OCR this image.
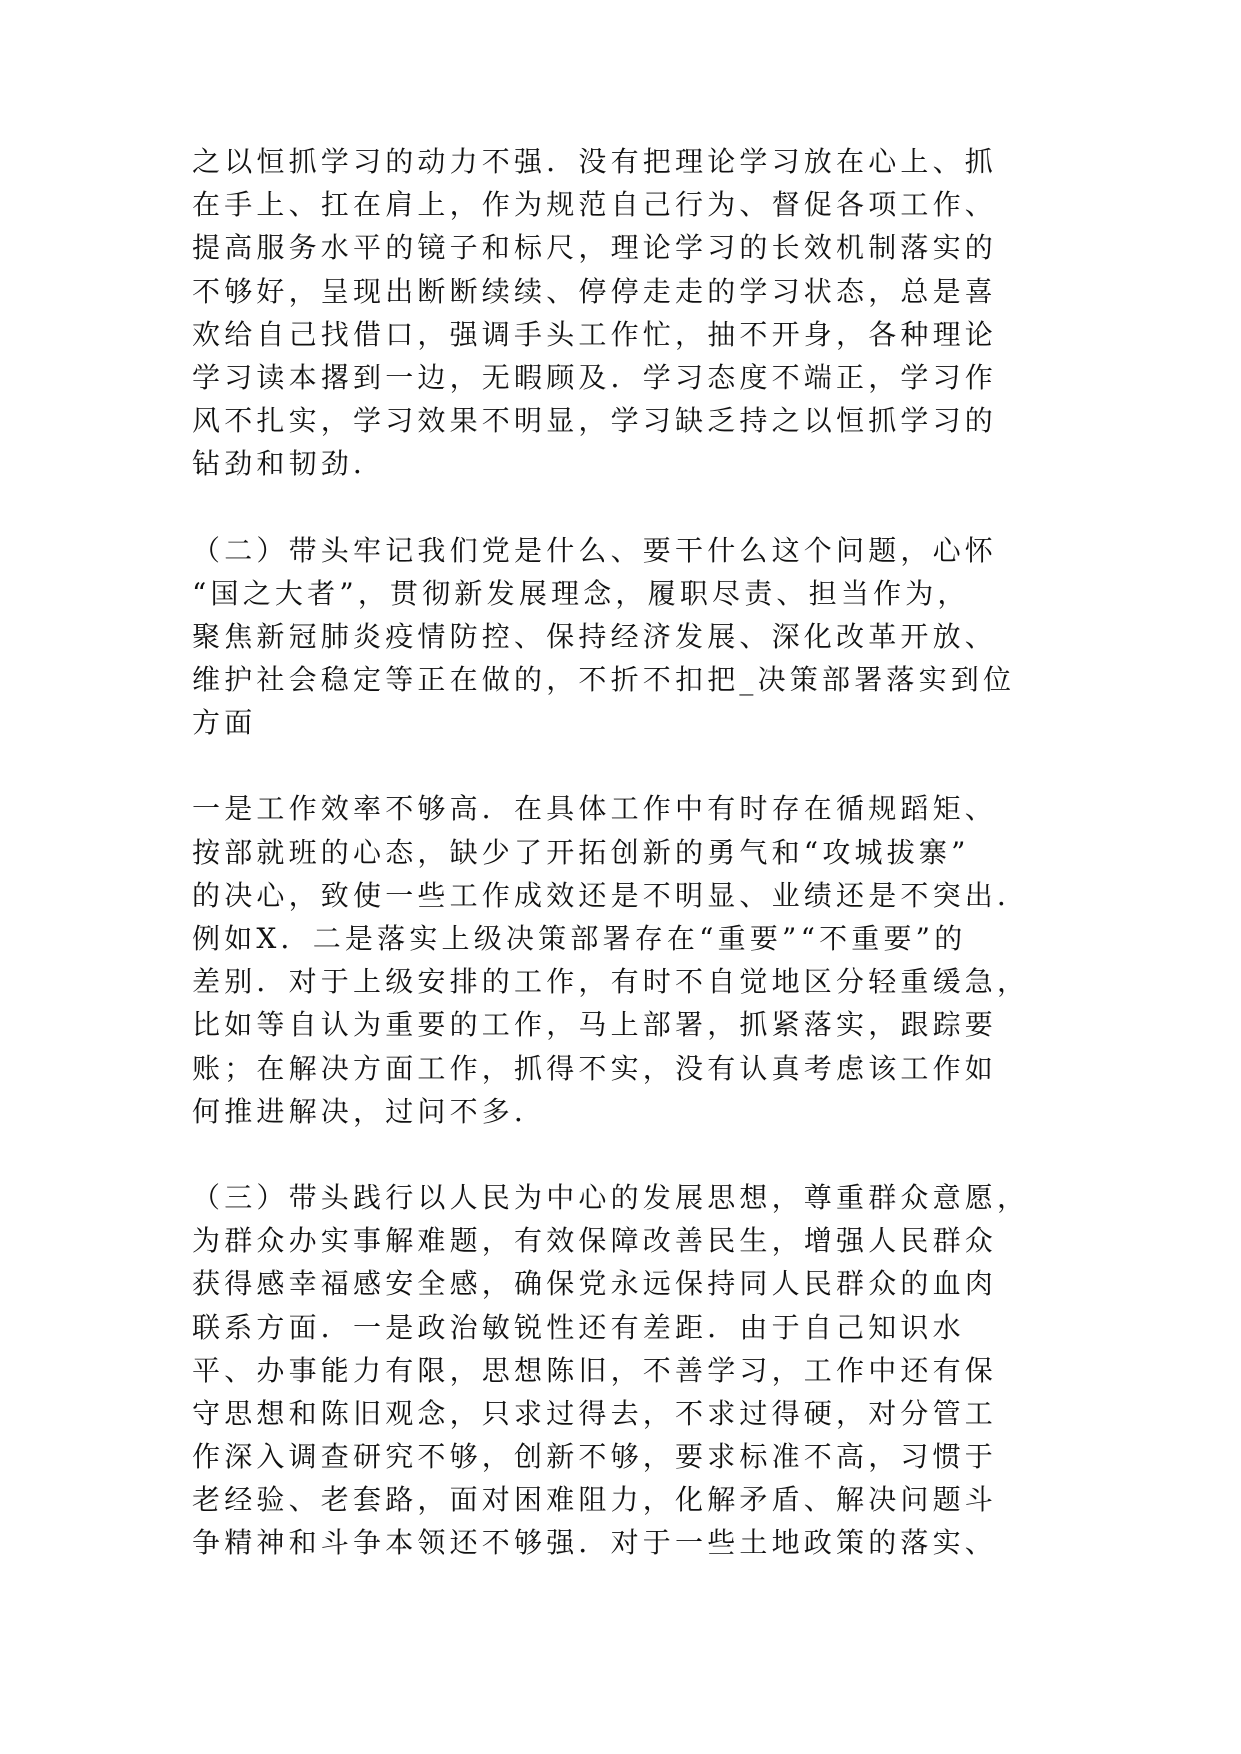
之以恒抓学习的动力不强．没有把理论学习放在心上、抓
在手上、扛在肩上，作为规范自己行为、督促各项工作、
提高服务水平的镜子和标尺，理论学习的长效机制落实的
不够好，呈现出断断续续、停停走走的学习状态，总是喜
欢给自己找借口，强调手头工作忙，抽不开身，各种理论
学习读本撂到一边，无暇顾及．学习态度不端正，学习作
风不扎实，学习效果不明显，学习缺乏持之以恒抓学习的
钻劲和韧劲．
（二）带头牢记我们党是什么、要干什么这个问题，心怀
“国之大者”，贯彻新发展理念，履职尽责、担当作为，
聚焦新冠肺炎疫情防控、保持经济发展、深化改革开放、
维护社会稳定等正在做的，不折不扣把_决策部署落实到位
方面
一是工作效率不够高．在具体工作中有时存在循规蹈矩、
按部就班的心态，缺少了开拓创新的勇气和“攻城拔寨”
的决心，致使一些工作成效还是不明显、业绩还是不突出．
例如X．二是落实上级决策部署存在“重要”“不重要”的
差别．对于上级安排的工作，有时不自觉地区分轻重缓急，
比如等自认为重要的工作，马上部署，抓紧落实，跟踪要
账；在解决方面工作，抓得不实，没有认真考虑该工作如
何推进解决，过问不多．
（三）带头践行以人民为中心的发展思想，尊重群众意愿，
为群众办实事解难题，有效保障改善民生，增强人民群众
获得感幸福感安全感，确保党永远保持同人民群众的血肉
联系方面．一是政治敏锐性还有差距．由于自己知识水
平、办事能力有限，思想陈旧，不善学习，工作中还有保
守思想和陈旧观念，只求过得去，不求过得硬，对分管工
作深入调查研究不够，创新不够，要求标准不高，习惯于
老经验、老套路，面对困难阻力，化解矛盾、解决问题斗
争精神和斗争本领还不够强．对于一些土地政策的落实、
